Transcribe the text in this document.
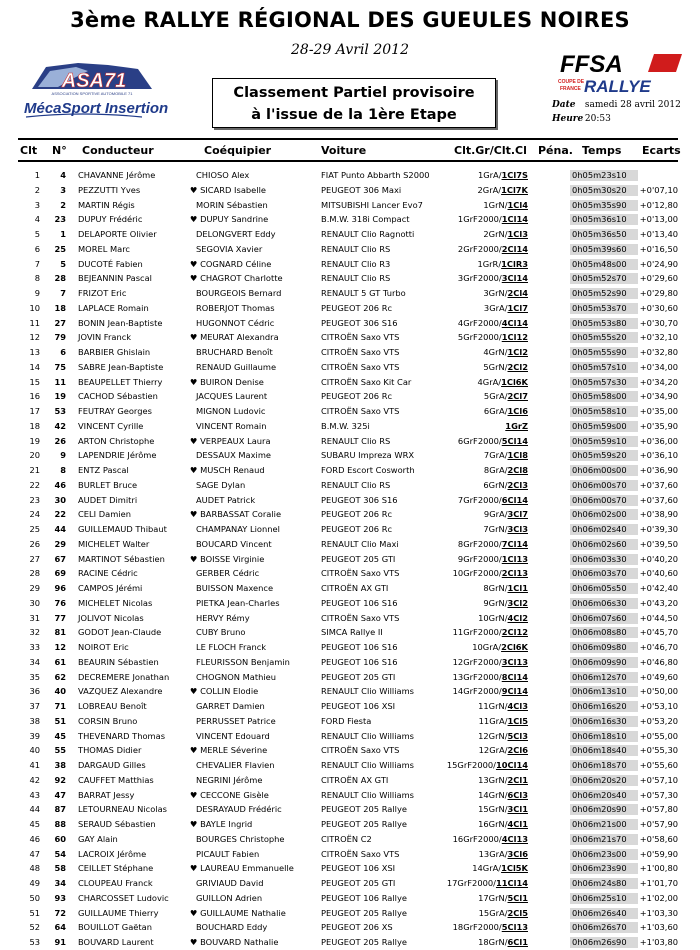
3ème RALLYE RÉGIONAL DES GUEULES NOIRES
28-29 Avril 2012
ASA71
ASSOCIATION SPORTIVE AUTOMOBILE 71
MécaSport Insertion
FFSA
COUPE DE
FRANCE RALLYE
Classement Partiel provisoire
à l'issue de la 1ère Etape
Date samedi 28 avril 2012
Heure 20:53
Clt N° Conducteur	Coéquipier	Voiture	Clt.Gr/Clt.Cl Péna. Temps Ecarts
1	4 CHAVANNE Jérôme	CHIOSO Alex	FIAT Punto Abbarth S2000	1GrA/1Cl7S	0h05m23s10
2	3 PEZZUTTI Yves	♥ SICARD Isabelle	PEUGEOT 306 Maxi	2GrA/1Cl7K	0h05m30s20	+0'07,10
3	2 MARTIN Régis	MORIN Sébastien	MITSUBISHI Lancer Evo7	1GrN/1Cl4	0h05m35s90	+0'12,80
4	23 DUPUY Frédéric	♥ DUPUY Sandrine	B.M.W. 318i Compact	1GrF2000/1Cl14	0h05m36s10	+0'13,00
5	1 DELAPORTE Olivier	DELONGVERT Eddy	RENAULT Clio Ragnotti	2GrN/1Cl3	0h05m36s50	+0'13,40
6	25 MOREL Marc	SEGOVIA Xavier	RENAULT Clio RS	2GrF2000/2Cl14	0h05m39s60	+0'16,50
7	5 DUCOTÉ Fabien	♥ COGNARD Céline	RENAULT Clio R3	1GrR/1ClR3	0h05m48s00	+0'24,90
8	28 BEJEANNIN Pascal	♥ CHAGROT Charlotte	RENAULT Clio RS	3GrF2000/3Cl14	0h05m52s70	+0'29,60
9	7 FRIZOT Eric	BOURGEOIS Bernard	RENAULT 5 GT Turbo	3GrN/2Cl4	0h05m52s90	+0'29,80
10	18 LAPLACE Romain	ROBERJOT Thomas	PEUGEOT 206 Rc	3GrA/1Cl7	0h05m53s70	+0'30,60
11	27 BONIN Jean-Baptiste	HUGONNOT Cédric	PEUGEOT 306 S16	4GrF2000/4Cl14	0h05m53s80	+0'30,70
12	79 JOVIN Franck	♥ MEURAT Alexandra	CITROËN Saxo VTS	5GrF2000/1Cl12	0h05m55s20	+0'32,10
13	6 BARBIER Ghislain	BRUCHARD Benoît	CITROËN Saxo VTS	4GrN/1Cl2	0h05m55s90	+0'32,80
14	75 SABRE Jean-Baptiste	RENAUD Guillaume	CITROËN Saxo VTS	5GrN/2Cl2	0h05m57s10	+0'34,00
15	11 BEAUPELLET Thierry	♥ BUIRON Denise	CITROËN Saxo Kit Car	4GrA/1Cl6K	0h05m57s30	+0'34,20
16	19 CACHOD Sébastien	JACQUES Laurent	PEUGEOT 206 Rc	5GrA/2Cl7	0h05m58s00	+0'34,90
17	53 FEUTRAY Georges	MIGNON Ludovic	CITROËN Saxo VTS	6GrA/1Cl6	0h05m58s10	+0'35,00
18	42 VINCENT Cyrille	VINCENT Romain	B.M.W. 325i	1GrZ	0h05m59s00	+0'35,90
19	26 ARTON Christophe	♥ VERPEAUX Laura	RENAULT Clio RS	6GrF2000/5Cl14	0h05m59s10	+0'36,00
20	9 LAPENDRIE Jérôme	DESSAUX Maxime	SUBARU Impreza WRX	7GrA/1Cl8	0h05m59s20	+0'36,10
21	8 ENTZ Pascal	♥ MUSCH Renaud	FORD Escort Cosworth	8GrA/2Cl8	0h06m00s00	+0'36,90
22	46 BURLET Bruce	SAGE Dylan	RENAULT Clio RS	6GrN/2Cl3	0h06m00s70	+0'37,60
23	30 AUDET Dimitri	AUDET Patrick	PEUGEOT 306 S16	7GrF2000/6Cl14	0h06m00s70	+0'37,60
24	22 CELI Damien	♥ BARBASSAT Coralie	PEUGEOT 206 Rc	9GrA/3Cl7	0h06m02s00	+0'38,90
25	44 GUILLEMAUD Thibaut	CHAMPANAY Lionnel	PEUGEOT 206 Rc	7GrN/3Cl3	0h06m02s40	+0'39,30
26	29 MICHELET Walter	BOUCARD Vincent	RENAULT Clio Maxi	8GrF2000/7Cl14	0h06m02s60	+0'39,50
27	67 MARTINOT Sébastien	♥ BOISSE Virginie	PEUGEOT 205 GTI	9GrF2000/1Cl13	0h06m03s30	+0'40,20
28	69 RACINE Cédric	GERBER Cédric	CITROËN Saxo VTS	10GrF2000/2Cl13	0h06m03s70	+0'40,60
29	96 CAMPOS Jérémi	BUISSON Maxence	CITROËN AX GTI	8GrN/1Cl1	0h06m05s50	+0'42,40
30	76 MICHELET Nicolas	PIETKA Jean-Charles	PEUGEOT 106 S16	9GrN/3Cl2	0h06m06s30	+0'43,20
31	77 JOLIVOT Nicolas	HERVY Rémy	CITROËN Saxo VTS	10GrN/4Cl2	0h06m07s60	+0'44,50
32	81 GODOT Jean-Claude	CUBY Bruno	SIMCA Rallye II	11GrF2000/2Cl12	0h06m08s80	+0'45,70
33	12 NOIROT Eric	LE FLOCH Franck	PEUGEOT 106 S16	10GrA/2Cl6K	0h06m09s80	+0'46,70
34	61 BEAURIN Sébastien	FLEURISSON Benjamin	PEUGEOT 106 S16	12GrF2000/3Cl13	0h06m09s90	+0'46,80
35	62 DECREMERE Jonathan	CHOGNON Mathieu	PEUGEOT 205 GTI	13GrF2000/8Cl14	0h06m12s70	+0'49,60
36	40 VAZQUEZ Alexandre	♥ COLLIN Elodie	RENAULT Clio Williams	14GrF2000/9Cl14	0h06m13s10	+0'50,00
37	71 LOBREAU Benoît	GARRET Damien	PEUGEOT 106 XSI	11GrN/4Cl3	0h06m16s20	+0'53,10
38	51 CORSIN Bruno	PERRUSSET Patrice	FORD Fiesta	11GrA/1Cl5	0h06m16s30	+0'53,20
39	45 THEVENARD Thomas	VINCENT Edouard	RENAULT Clio Williams	12GrN/5Cl3	0h06m18s10	+0'55,00
40	55 THOMAS Didier	♥ MERLE Séverine	CITROËN Saxo VTS	12GrA/2Cl6	0h06m18s40	+0'55,30
41	38 DARGAUD Gilles	CHEVALIER Flavien	RENAULT Clio Williams	15GrF2000/10Cl14	0h06m18s70	+0'55,60
42	92 CAUFFET Matthias	NEGRINI Jérôme	CITROËN AX GTI	13GrN/2Cl1	0h06m20s20	+0'57,10
43	47 BARRAT Jessy	♥ CECCONE Gisèle	RENAULT Clio Williams	14GrN/6Cl3	0h06m20s40	+0'57,30
44	87 LETOURNEAU Nicolas	DESRAYAUD Frédéric	PEUGEOT 205 Rallye	15GrN/3Cl1	0h06m20s90	+0'57,80
45	88 SERAUD Sébastien	♥ BAYLE Ingrid	PEUGEOT 205 Rallye	16GrN/4Cl1	0h06m21s00	+0'57,90
46	60 GAY Alain	BOURGES Christophe	CITROËN C2	16GrF2000/4Cl13	0h06m21s70	+0'58,60
47	54 LACROIX Jérôme	PICAULT Fabien	CITROËN Saxo VTS	13GrA/3Cl6	0h06m23s00	+0'59,90
48	58 CEILLET Stéphane	♥ LAUREAU Emmanuelle	PEUGEOT 106 XSI	14GrA/1Cl5K	0h06m23s90	+1'00,80
49	34 CLOUPEAU Franck	GRIVIAUD David	PEUGEOT 205 GTI	17GrF2000/11Cl14	0h06m24s80	+1'01,70
50	93 CHARCOSSET Ludovic	GUILLON Adrien	PEUGEOT 106 Rallye	17GrN/5Cl1	0h06m25s10	+1'02,00
51	72 GUILLAUME Thierry	♥ GUILLAUME Nathalie	PEUGEOT 205 Rallye	15GrA/2Cl5	0h06m26s40	+1'03,30
52	64 BOUILLOT Gaëtan	BOUCHARD Eddy	PEUGEOT 206 XS	18GrF2000/5Cl13	0h06m26s70	+1'03,60
53	91 BOUVARD Laurent	♥ BOUVARD Nathalie	PEUGEOT 205 Rallye	18GrN/6Cl1	0h06m26s90	+1'03,80
